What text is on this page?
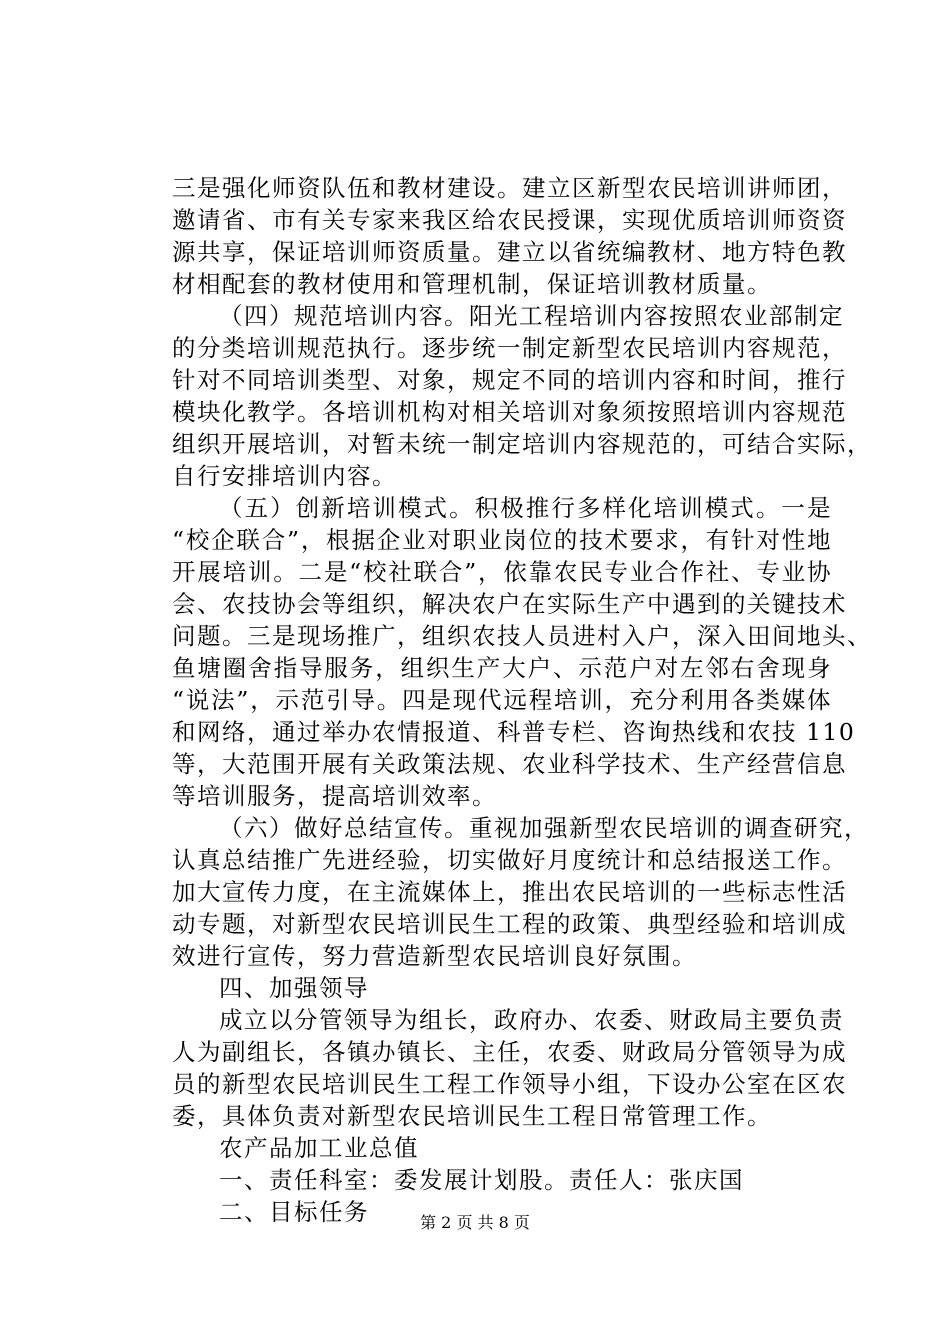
三是强化师资队伍和教材建设。建立区新型农民培训讲师团，
邀请省、市有关专家来我区给农民授课，实现优质培训师资资
源共享，保证培训师资质量。建立以省统编教材、地方特色教
材相配套的教材使用和管理机制，保证培训教材质量。
（四）规范培训内容。阳光工程培训内容按照农业部制定
的分类培训规范执行。逐步统一制定新型农民培训内容规范，
针对不同培训类型、对象，规定不同的培训内容和时间，推行
模块化教学。各培训机构对相关培训对象须按照培训内容规范
组织开展培训，对暂未统一制定培训内容规范的，可结合实际，
自行安排培训内容。
（五）创新培训模式。积极推行多样化培训模式。一是
“校企联合”，根据企业对职业岗位的技术要求，有针对性地
开展培训。二是“校社联合”，依靠农民专业合作社、专业协
会、农技协会等组织，解决农户在实际生产中遇到的关键技术
问题。三是现场推广，组织农技人员进村入户，深入田间地头、
鱼塘圈舍指导服务，组织生产大户、示范户对左邻右舍现身
“说法”，示范引导。四是现代远程培训，充分利用各类媒体
和网络，通过举办农情报道、科普专栏、咨询热线和农技 110
等，大范围开展有关政策法规、农业科学技术、生产经营信息
等培训服务，提高培训效率。
（六）做好总结宣传。重视加强新型农民培训的调查研究，
认真总结推广先进经验，切实做好月度统计和总结报送工作。
加大宣传力度，在主流媒体上，推出农民培训的一些标志性活
动专题，对新型农民培训民生工程的政策、典型经验和培训成
效进行宣传，努力营造新型农民培训良好氛围。
四、加强领导
成立以分管领导为组长，政府办、农委、财政局主要负责
人为副组长，各镇办镇长、主任，农委、财政局分管领导为成
员的新型农民培训民生工程工作领导小组，下设办公室在区农
委，具体负责对新型农民培训民生工程日常管理工作。
农产品加工业总值
一、责任科室：委发展计划股。责任人：张庆国
二、目标任务	第 2 页 共 8 页
